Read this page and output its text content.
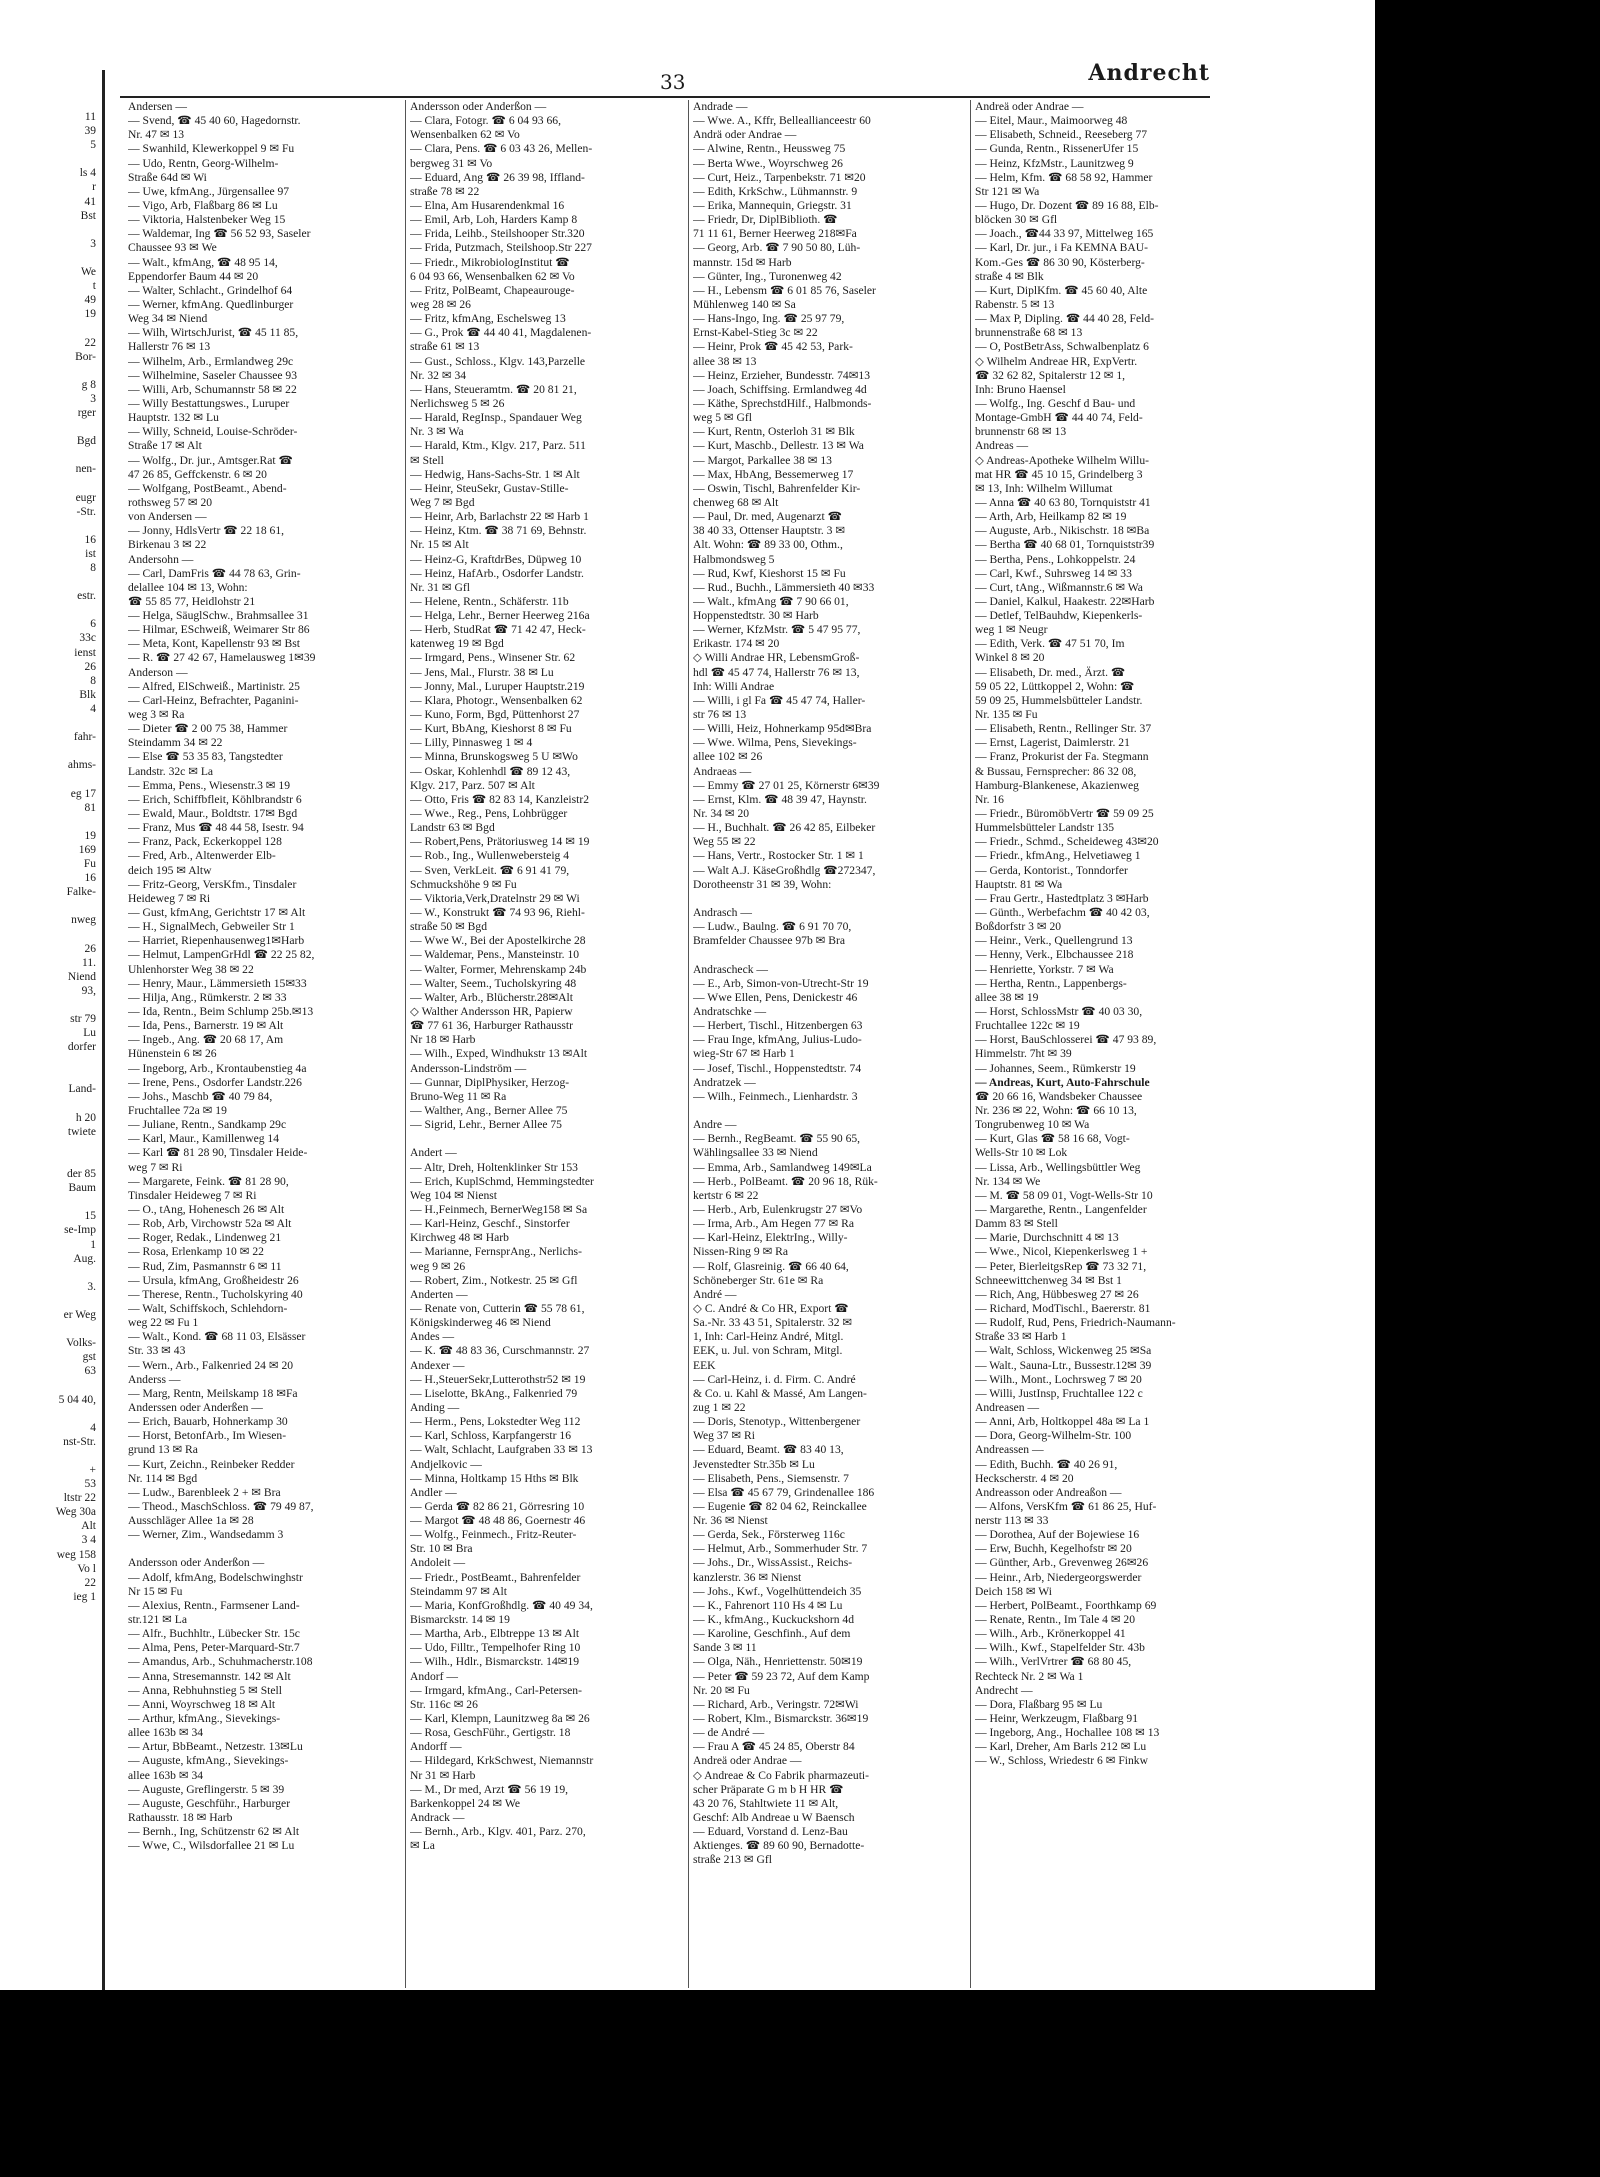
11
39
5
ls 4
r
41
Bst
3
We
t
49
19
22
Bor-
g 8
3
rger
Bgd
nen-
eugr
-Str.
16
ist
8
estr.
6
33c
ienst
26
8
Blk
4
fahr-
ahms-
eg 17
81
19
169
Fu
16
Falke-
nweg
26
11.
Niend
93,
str 79
Lu
dorfer
Land-
h 20
twiete
der 85
Baum
15
se-Imp
1
Aug.
3.
er Weg
Volks-
gst
63
5 04 40,
4
nst-Str.
+
53
ltstr 22
Weg 30a
Alt
3 4
weg 158
Vo l
22
ieg 1
33	Andrecht
Andersen —
— Svend, ☎ 45 40 60, Hagedornstr.
Nr. 47 ✉ 13
— Swanhild, Klewerkoppel 9 ✉ Fu
— Udo, Rentn, Georg-Wilhelm-
Straße 64d ✉ Wi
— Uwe, kfmAng., Jürgensallee 97
— Vigo, Arb, Flaßbarg 86 ✉ Lu
— Viktoria, Halstenbeker Weg 15
— Waldemar, Ing ☎ 56 52 93, Saseler
Chaussee 93 ✉ We
— Walt., kfmAng, ☎ 48 95 14,
Eppendorfer Baum 44 ✉ 20
— Walter, Schlacht., Grindelhof 64
— Werner, kfmAng. Quedlinburger
Weg 34 ✉ Niend
— Wilh, WirtschJurist, ☎ 45 11 85,
Hallerstr 76 ✉ 13
— Wilhelm, Arb., Ermlandweg 29c
— Wilhelmine, Saseler Chaussee 93
— Willi, Arb, Schumannstr 58 ✉ 22
— Willy Bestattungswes., Luruper
Hauptstr. 132 ✉ Lu
— Willy, Schneid, Louise-Schröder-
Straße 17 ✉ Alt
— Wolfg., Dr. jur., Amtsger.Rat ☎
47 26 85, Geffckenstr. 6 ✉ 20
— Wolfgang, PostBeamt., Abend-
rothsweg 57 ✉ 20
von Andersen —
— Jonny, HdlsVertr ☎ 22 18 61,
Birkenau 3 ✉ 22
Andersohn —
— Carl, DamFris ☎ 44 78 63, Grin-
delallee 104 ✉ 13, Wohn:
☎ 55 85 77, Heidlohstr 21
— Helga, SäuglSchw., Brahmsallee 31
— Hilmar, ESchweiß, Weimarer Str 86
— Meta, Kont, Kapellenstr 93 ✉ Bst
— R. ☎ 27 42 67, Hamelausweg 1✉39
Anderson —
— Alfred, ElSchweiß., Martinistr. 25
— Carl-Heinz, Befrachter, Paganini-
weg 3 ✉ Ra
— Dieter ☎ 2 00 75 38, Hammer
Steindamm 34 ✉ 22
— Else ☎ 53 35 83, Tangstedter
Landstr. 32c ✉ La
— Emma, Pens., Wiesenstr.3 ✉ 19
— Erich, Schiffbfleit, Köhlbrandstr 6
— Ewald, Maur., Boldtstr. 17✉ Bgd
— Franz, Mus ☎ 48 44 58, Isestr. 94
— Franz, Pack, Eckerkoppel 128
— Fred, Arb., Altenwerder Elb-
deich 195 ✉ Altw
— Fritz-Georg, VersKfm., Tinsdaler
Heideweg 7 ✉ Ri
— Gust, kfmAng, Gerichtstr 17 ✉ Alt
— H., SignalMech, Gebweiler Str 1
— Harriet, Riepenhausenweg1✉Harb
— Helmut, LampenGrHdl ☎ 22 25 82,
Uhlenhorster Weg 38 ✉ 22
— Henry, Maur., Lämmersieth 15✉33
— Hilja, Ang., Rümkerstr. 2 ✉ 33
— Ida, Rentn., Beim Schlump 25b.✉13
— Ida, Pens., Barnerstr. 19 ✉ Alt
— Ingeb., Ang. ☎ 20 68 17, Am
Hünenstein 6 ✉ 26
— Ingeborg, Arb., Krontaubenstieg 4a
— Irene, Pens., Osdorfer Landstr.226
— Johs., Maschb ☎ 40 79 84,
Fruchtallee 72a ✉ 19
— Juliane, Rentn., Sandkamp 29c
— Karl, Maur., Kamillenweg 14
— Karl ☎ 81 28 90, Tinsdaler Heide-
weg 7 ✉ Ri
— Margarete, Feink. ☎ 81 28 90,
Tinsdaler Heideweg 7 ✉ Ri
— O., tAng, Hohenesch 26 ✉ Alt
— Rob, Arb, Virchowstr 52a ✉ Alt
— Roger, Redak., Lindenweg 21
— Rosa, Erlenkamp 10 ✉ 22
— Rud, Zim, Pasmannstr 6 ✉ 11
— Ursula, kfmAng, Großheidestr 26
— Therese, Rentn., Tucholskyring 40
— Walt, Schiffskoch, Schlehdorn-
weg 22 ✉ Fu 1
— Walt., Kond. ☎ 68 11 03, Elsässer
Str. 33 ✉ 43
— Wern., Arb., Falkenried 24 ✉ 20
Anderss —
— Marg, Rentn, Meilskamp 18 ✉Fa
Anderssen oder Anderßen —
— Erich, Bauarb, Hohnerkamp 30
— Horst, BetonfArb., Im Wiesen-
grund 13 ✉ Ra
— Kurt, Zeichn., Reinbeker Redder
Nr. 114 ✉ Bgd
— Ludw., Barenbleek 2 + ✉ Bra
— Theod., MaschSchloss. ☎ 79 49 87,
Ausschläger Allee 1a ✉ 28
— Werner, Zim., Wandsedamm 3
Andersson oder Anderßon —
— Adolf, kfmAng, Bodelschwinghstr
Nr 15 ✉ Fu
— Alexius, Rentn., Farmsener Land-
str.121 ✉ La
— Alfr., Buchhltr., Lübecker Str. 15c
— Alma, Pens, Peter-Marquard-Str.7
— Amandus, Arb., Schuhmacherstr.108
— Anna, Stresemannstr. 142 ✉ Alt
— Anna, Rebhuhnstieg 5 ✉ Stell
— Anni, Woyrschweg 18 ✉ Alt
— Arthur, kfmAng., Sievekings-
allee 163b ✉ 34
— Artur, BbBeamt., Netzestr. 13✉Lu
— Auguste, kfmAng., Sievekings-
allee 163b ✉ 34
— Auguste, Greflingerstr. 5 ✉ 39
— Auguste, Geschführ., Harburger
Rathausstr. 18 ✉ Harb
— Bernh., Ing, Schützenstr 62 ✉ Alt
— Wwe, C., Wilsdorfallee 21 ✉ Lu
Andersson oder Anderßon —
— Clara, Fotogr. ☎ 6 04 93 66,
Wensenbalken 62 ✉ Vo
— Clara, Pens. ☎ 6 03 43 26, Mellen-
bergweg 31 ✉ Vo
— Eduard, Ang ☎ 26 39 98, Iffland-
straße 78 ✉ 22
— Elna, Am Husarendenkmal 16
— Emil, Arb, Loh, Harders Kamp 8
— Frida, Leihb., Steilshooper Str.320
— Frida, Putzmach, Steilshoop.Str 227
— Friedr., MikrobiologInstitut ☎
6 04 93 66, Wensenbalken 62 ✉ Vo
— Fritz, PolBeamt, Chapeaurouge-
weg 28 ✉ 26
— Fritz, kfmAng, Eschelsweg 13
— G., Prok ☎ 44 40 41, Magdalenen-
straße 61 ✉ 13
— Gust., Schloss., Klgv. 143,Parzelle
Nr. 32 ✉ 34
— Hans, Steueramtm. ☎ 20 81 21,
Nerlichsweg 5 ✉ 26
— Harald, RegInsp., Spandauer Weg
Nr. 3 ✉ Wa
— Harald, Ktm., Klgv. 217, Parz. 511
✉ Stell
— Hedwig, Hans-Sachs-Str. 1 ✉ Alt
— Heinr, SteuSekr, Gustav-Stille-
Weg 7 ✉ Bgd
— Heinr, Arb, Barlachstr 22 ✉ Harb 1
— Heinz, Ktm. ☎ 38 71 69, Behnstr.
Nr. 15 ✉ Alt
— Heinz-G, KraftdrBes, Düpweg 10
— Heinz, HafArb., Osdorfer Landstr.
Nr. 31 ✉ Gfl
— Helene, Rentn., Schäferstr. 11b
— Helga, Lehr., Berner Heerweg 216a
— Herb, StudRat ☎ 71 42 47, Heck-
katenweg 19 ✉ Bgd
— Irmgard, Pens., Winsener Str. 62
— Jens, Mal., Flurstr. 38 ✉ Lu
— Jonny, Mal., Luruper Hauptstr.219
— Klara, Photogr., Wensenbalken 62
— Kuno, Form, Bgd, Püttenhorst 27
— Kurt, BbAng, Kieshorst 8 ✉ Fu
— Lilly, Pinnasweg 1 ✉ 4
— Minna, Brunskogsweg 5 U ✉Wo
— Oskar, Kohlenhdl ☎ 89 12 43,
Klgv. 217, Parz. 507 ✉ Alt
— Otto, Fris ☎ 82 83 14, Kanzleistr2
— Wwe., Reg., Pens, Lohbrügger
Landstr 63 ✉ Bgd
— Robert,Pens, Prätoriusweg 14 ✉ 19
— Rob., Ing., Wullenwebersteig 4
— Sven, VerkLeit. ☎ 6 91 41 79,
Schmuckshöhe 9 ✉ Fu
— Viktoria,Verk,Dratelnstr 29 ✉ Wi
— W., Konstrukt ☎ 74 93 96, Riehl-
straße 50 ✉ Bgd
— Wwe W., Bei der Apostelkirche 28
— Waldemar, Pens., Mansteinstr. 10
— Walter, Former, Mehrenskamp 24b
— Walter, Seem., Tucholskyring 48
— Walter, Arb., Blücherstr.28✉Alt
◇ Walther Andersson HR, Papierw
☎ 77 61 36, Harburger Rathausstr
Nr 18 ✉ Harb
— Wilh., Exped, Windhukstr 13 ✉Alt
Andersson-Lindström —
— Gunnar, DiplPhysiker, Herzog-
Bruno-Weg 11 ✉ Ra
— Walther, Ang., Berner Allee 75
— Sigrid, Lehr., Berner Allee 75
Andert —
— Altr, Dreh, Holtenklinker Str 153
— Erich, KuplSchmd, Hemmingstedter
Weg 104 ✉ Nienst
— H.,Feinmech, BernerWeg158 ✉ Sa
— Karl-Heinz, Geschf., Sinstorfer
Kirchweg 48 ✉ Harb
— Marianne, FernsprAng., Nerlichs-
weg 9 ✉ 26
— Robert, Zim., Notkestr. 25 ✉ Gfl
Anderten —
— Renate von, Cutterin ☎ 55 78 61,
Königskinderweg 46 ✉ Niend
Andes —
— K. ☎ 48 83 36, Curschmannstr. 27
Andexer —
— H.,SteuerSekr,Lutterothstr52 ✉ 19
— Liselotte, BkAng., Falkenried 79
Anding —
— Herm., Pens, Lokstedter Weg 112
— Karl, Schloss, Karpfangerstr 16
— Walt, Schlacht, Laufgraben 33 ✉ 13
Andjelkovic —
— Minna, Holtkamp 15 Hths ✉ Blk
Andler —
— Gerda ☎ 82 86 21, Görresring 10
— Margot ☎ 48 48 86, Goernestr 46
— Wolfg., Feinmech., Fritz-Reuter-
Str. 10 ✉ Bra
Andoleit —
— Friedr., PostBeamt., Bahrenfelder
Steindamm 97 ✉ Alt
— Maria, KonfGroßhdlg. ☎ 40 49 34,
Bismarckstr. 14 ✉ 19
— Martha, Arb., Elbtreppe 13 ✉ Alt
— Udo, Filltr., Tempelhofer Ring 10
— Wilh., Hdlr., Bismarckstr. 14✉19
Andorf —
— Irmgard, kfmAng., Carl-Petersen-
Str. 116c ✉ 26
— Karl, Klempn, Launitzweg 8a ✉ 26
— Rosa, GeschFühr., Gertigstr. 18
Andorff —
— Hildegard, KrkSchwest, Niemannstr
Nr 31 ✉ Harb
— M., Dr med, Arzt ☎ 56 19 19,
Barkenkoppel 24 ✉ We
Andrack —
— Bernh., Arb., Klgv. 401, Parz. 270,
✉ La
Andrade —
— Wwe. A., Kffr, Belleallianceestr 60
Andrä oder Andrae —
— Alwine, Rentn., Heussweg 75
— Berta Wwe., Woyrschweg 26
— Curt, Heiz., Tarpenbekstr. 71 ✉20
— Edith, KrkSchw., Lühmannstr. 9
— Erika, Mannequin, Griegstr. 31
— Friedr, Dr, DiplBiblioth. ☎
71 11 61, Berner Heerweg 218✉Fa
— Georg, Arb. ☎ 7 90 50 80, Lüh-
mannstr. 15d ✉ Harb
— Günter, Ing., Turonenweg 42
— H., Lebensm ☎ 6 01 85 76, Saseler
Mühlenweg 140 ✉ Sa
— Hans-Ingo, Ing. ☎ 25 97 79,
Ernst-Kabel-Stieg 3c ✉ 22
— Heinr, Prok ☎ 45 42 53, Park-
allee 38 ✉ 13
— Heinz, Erzieher, Bundesstr. 74✉13
— Joach, Schiffsing. Ermlandweg 4d
— Käthe, SprechstdHilf., Halbmonds-
weg 5 ✉ Gfl
— Kurt, Rentn, Osterloh 31 ✉ Blk
— Kurt, Maschb., Dellestr. 13 ✉ Wa
— Margot, Parkallee 38 ✉ 13
— Max, HbAng, Bessemerweg 17
— Oswin, Tischl, Bahrenfelder Kir-
chenweg 68 ✉ Alt
— Paul, Dr. med, Augenarzt ☎
38 40 33, Ottenser Hauptstr. 3 ✉
Alt. Wohn: ☎ 89 33 00, Othm.,
Halbmondsweg 5
— Rud, Kwf, Kieshorst 15 ✉ Fu
— Rud., Buchh., Lämmersieth 40 ✉33
— Walt., kfmAng ☎ 7 90 66 01,
Hoppenstedtstr. 30 ✉ Harb
— Werner, KfzMstr. ☎ 5 47 95 77,
Erikastr. 174 ✉ 20
◇ Willi Andrae HR, LebensmGroß-
hdl ☎ 45 47 74, Hallerstr 76 ✉ 13,
Inh: Willi Andrae
— Willi, i gl Fa ☎ 45 47 74, Haller-
str 76 ✉ 13
— Willi, Heiz, Hohnerkamp 95d✉Bra
— Wwe. Wilma, Pens, Sievekings-
allee 102 ✉ 26
Andraeas —
— Emmy ☎ 27 01 25, Körnerstr 6✉39
— Ernst, Klm. ☎ 48 39 47, Haynstr.
Nr. 34 ✉ 20
— H., Buchhalt. ☎ 26 42 85, Eilbeker
Weg 55 ✉ 22
— Hans, Vertr., Rostocker Str. 1 ✉ 1
— Walt A.J. KäseGroßhdlg ☎272347,
Dorotheenstr 31 ✉ 39, Wohn:
Andrasch —
— Ludw., Baulng. ☎ 6 91 70 70,
Bramfelder Chaussee 97b ✉ Bra
Andrascheck —
— E., Arb, Simon-von-Utrecht-Str 19
— Wwe Ellen, Pens, Denickestr 46
Andratschke —
— Herbert, Tischl., Hitzenbergen 63
— Frau Inge, kfmAng, Julius-Ludo-
wieg-Str 67 ✉ Harb 1
— Josef, Tischl., Hoppenstedtstr. 74
Andratzek —
— Wilh., Feinmech., Lienhardstr. 3
Andre —
— Bernh., RegBeamt. ☎ 55 90 65,
Wählingsallee 33 ✉ Niend
— Emma, Arb., Samlandweg 149✉La
— Herb., PolBeamt. ☎ 20 96 18, Rük-
kertstr 6 ✉ 22
— Herb., Arb, Eulenkrugstr 27 ✉Vo
— Irma, Arb., Am Hegen 77 ✉ Ra
— Karl-Heinz, ElektrIng., Willy-
Nissen-Ring 9 ✉ Ra
— Rolf, Glasreinig. ☎ 66 40 64,
Schöneberger Str. 61e ✉ Ra
André —
◇ C. André & Co HR, Export ☎
Sa.-Nr. 33 43 51, Spitalerstr. 32 ✉
1, Inh: Carl-Heinz André, Mitgl.
EEK, u. Jul. von Schram, Mitgl.
EEK
— Carl-Heinz, i. d. Firm. C. André
& Co. u. Kahl & Massé, Am Langen-
zug 1 ✉ 22
— Doris, Stenotyp., Wittenbergener
Weg 37 ✉ Ri
— Eduard, Beamt. ☎ 83 40 13,
Jevenstedter Str.35b ✉ Lu
— Elisabeth, Pens., Siemsenstr. 7
— Elsa ☎ 45 67 79, Grindenallee 186
— Eugenie ☎ 82 04 62, Reinckallee
Nr. 36 ✉ Nienst
— Gerda, Sek., Försterweg 116c
— Helmut, Arb., Sommerhuder Str. 7
— Johs., Dr., WissAssist., Reichs-
kanzlerstr. 36 ✉ Nienst
— Johs., Kwf., Vogelhüttendeich 35
— K., Fahrenort 110 Hs 4 ✉ Lu
— K., kfmAng., Kuckuckshorn 4d
— Karoline, Geschfinh., Auf dem
Sande 3 ✉ 11
— Olga, Näh., Henriettenstr. 50✉19
— Peter ☎ 59 23 72, Auf dem Kamp
Nr. 20 ✉ Fu
— Richard, Arb., Veringstr. 72✉Wi
— Robert, Klm., Bismarckstr. 36✉19
— de André —
— Frau A ☎ 45 24 85, Oberstr 84
Andreä oder Andrae —
◇ Andreae & Co Fabrik pharmazeuti-
scher Präparate G m b H HR ☎
43 20 76, Stahltwiete 11 ✉ Alt,
Geschf: Alb Andreae u W Baensch
— Eduard, Vorstand d. Lenz-Bau
Aktienges. ☎ 89 60 90, Bernadotte-
straße 213 ✉ Gfl
Andreä oder Andrae —
— Eitel, Maur., Maimoorweg 48
— Elisabeth, Schneid., Reeseberg 77
— Gunda, Rentn., RissenerUfer 15
— Heinz, KfzMstr., Launitzweg 9
— Helm, Kfm. ☎ 68 58 92, Hammer
Str 121 ✉ Wa
— Hugo, Dr. Dozent ☎ 89 16 88, Elb-
blöcken 30 ✉ Gfl
— Joach., ☎44 33 97, Mittelweg 165
— Karl, Dr. jur., i Fa KEMNA BAU-
Kom.-Ges ☎ 86 30 90, Kösterberg-
straße 4 ✉ Blk
— Kurt, DiplKfm. ☎ 45 60 40, Alte
Rabenstr. 5 ✉ 13
— Max P, Dipling. ☎ 44 40 28, Feld-
brunnenstraße 68 ✉ 13
— O, PostBetrAss, Schwalbenplatz 6
◇ Wilhelm Andreae HR, ExpVertr.
☎ 32 62 82, Spitalerstr 12 ✉ 1,
Inh: Bruno Haensel
— Wolfg., Ing. Geschf d Bau- und
Montage-GmbH ☎ 44 40 74, Feld-
brunnenstr 68 ✉ 13
Andreas —
◇ Andreas-Apotheke Wilhelm Willu-
mat HR ☎ 45 10 15, Grindelberg 3
✉ 13, Inh: Wilhelm Willumat
— Anna ☎ 40 63 80, Tornquiststr 41
— Arth, Arb, Heilkamp 82 ✉ 19
— Auguste, Arb., Nikischstr. 18 ✉Ba
— Bertha ☎ 40 68 01, Tornquiststr39
— Bertha, Pens., Lohkoppelstr. 24
— Carl, Kwf., Suhrsweg 14 ✉ 33
— Curt, tAng., Wißmannstr.6 ✉ Wa
— Daniel, Kalkul, Haakestr. 22✉Harb
— Detlef, TelBauhdw, Kiepenkerls-
weg 1 ✉ Neugr
— Edith, Verk. ☎ 47 51 70, Im
Winkel 8 ✉ 20
— Elisabeth, Dr. med., Ärzt. ☎
59 05 22, Lüttkoppel 2, Wohn: ☎
59 09 25, Hummelsbütteler Landstr.
Nr. 135 ✉ Fu
— Elisabeth, Rentn., Rellinger Str. 37
— Ernst, Lagerist, Daimlerstr. 21
— Franz, Prokurist der Fa. Stegmann
& Bussau, Fernsprecher: 86 32 08,
Hamburg-Blankenese, Akazienweg
Nr. 16
— Friedr., BüromöbVertr ☎ 59 09 25
Hummelsbütteler Landstr 135
— Friedr., Schmd., Scheideweg 43✉20
— Friedr., kfmAng., Helvetiaweg 1
— Gerda, Kontorist., Tonndorfer
Hauptstr. 81 ✉ Wa
— Frau Gertr., Hastedtplatz 3 ✉Harb
— Günth., Werbefachm ☎ 40 42 03,
Boßdorfstr 3 ✉ 20
— Heinr., Verk., Quellengrund 13
— Henny, Verk., Elbchaussee 218
— Henriette, Yorkstr. 7 ✉ Wa
— Hertha, Rentn., Lappenbergs-
allee 38 ✉ 19
— Horst, SchlossMstr ☎ 40 03 30,
Fruchtallee 122c ✉ 19
— Horst, BauSchlosserei ☎ 47 93 89,
Himmelstr. 7ht ✉ 39
— Johannes, Seem., Rümkerstr 19
— Andreas, Kurt, Auto-Fahrschule
☎ 20 66 16, Wandsbeker Chaussee
Nr. 236 ✉ 22, Wohn: ☎ 66 10 13,
Tongrubenweg 10 ✉ Wa
— Kurt, Glas ☎ 58 16 68, Vogt-
Wells-Str 10 ✉ Lok
— Lissa, Arb., Wellingsbüttler Weg
Nr. 134 ✉ We
— M. ☎ 58 09 01, Vogt-Wells-Str 10
— Margarethe, Rentn., Langenfelder
Damm 83 ✉ Stell
— Marie, Durchschnitt 4 ✉ 13
— Wwe., Nicol, Kiepenkerlsweg 1 +
— Peter, BierleitgsRep ☎ 73 32 71,
Schneewittchenweg 34 ✉ Bst 1
— Rich, Ang, Hübbesweg 27 ✉ 26
— Richard, ModTischl., Baererstr. 81
— Rudolf, Rud, Pens, Friedrich-Naumann-
Straße 33 ✉ Harb 1
— Walt, Schloss, Wickenweg 25 ✉Sa
— Walt., Sauna-Ltr., Bussestr.12✉ 39
— Wilh., Mont., Lochrsweg 7 ✉ 20
— Willi, JustInsp, Fruchtallee 122 c
Andreasen —
— Anni, Arb, Holtkoppel 48a ✉ La 1
— Dora, Georg-Wilhelm-Str. 100
Andreassen —
— Edith, Buchh. ☎ 40 26 91,
Heckscherstr. 4 ✉ 20
Andreasson oder Andreaßon —
— Alfons, VersKfm ☎ 61 86 25, Huf-
nerstr 113 ✉ 33
— Dorothea, Auf der Bojewiese 16
— Erw, Buchh, Kegelhofstr ✉ 20
— Günther, Arb., Grevenweg 26✉26
— Heinr., Arb, Niedergeorgswerder
Deich 158 ✉ Wi
— Herbert, PolBeamt., Foorthkamp 69
— Renate, Rentn., Im Tale 4 ✉ 20
— Wilh., Arb., Krönerkoppel 41
— Wilh., Kwf., Stapelfelder Str. 43b
— Wilh., VerlVrtrer ☎ 68 80 45,
Rechteck Nr. 2 ✉ Wa 1
Andrecht —
— Dora, Flaßbarg 95 ✉ Lu
— Heinr, Werkzeugm, Flaßbarg 91
— Ingeborg, Ang., Hochallee 108 ✉ 13
— Karl, Dreher, Am Barls 212 ✉ Lu
— W., Schloss, Wriedestr 6 ✉ Finkw
